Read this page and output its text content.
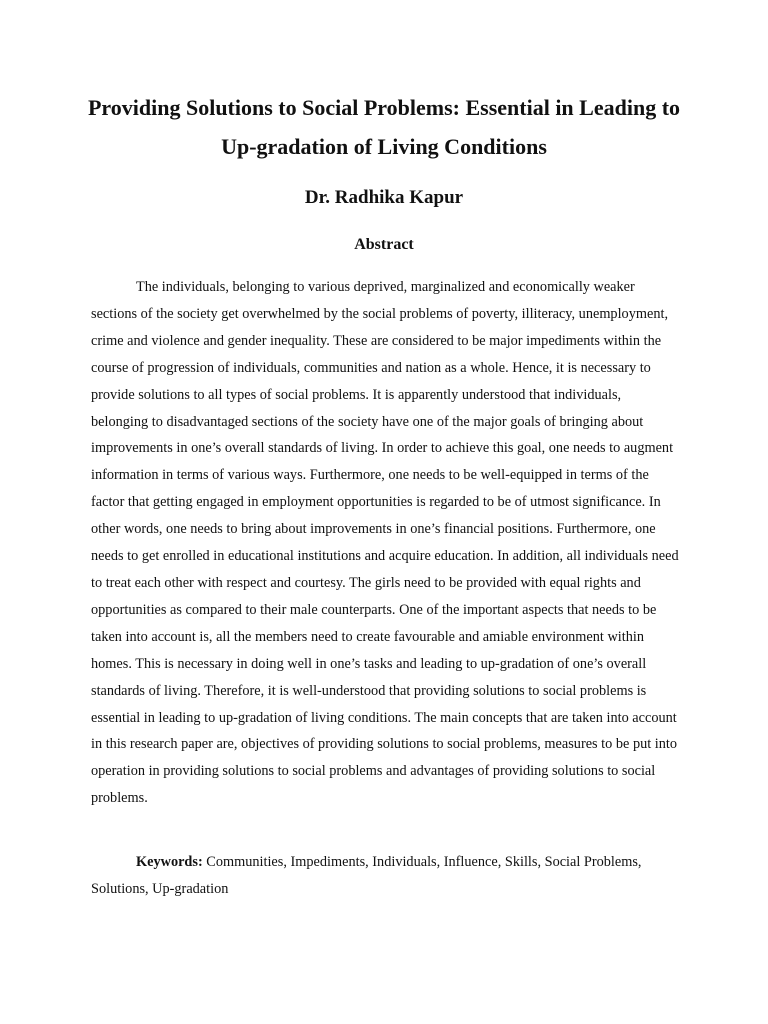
Providing Solutions to Social Problems: Essential in Leading to Up-gradation of Living Conditions
Dr. Radhika Kapur
Abstract

The individuals, belonging to various deprived, marginalized and economically weaker sections of the society get overwhelmed by the social problems of poverty, illiteracy, unemployment, crime and violence and gender inequality. These are considered to be major impediments within the course of progression of individuals, communities and nation as a whole. Hence, it is necessary to provide solutions to all types of social problems. It is apparently understood that individuals, belonging to disadvantaged sections of the society have one of the major goals of bringing about improvements in one’s overall standards of living. In order to achieve this goal, one needs to augment information in terms of various ways. Furthermore, one needs to be well-equipped in terms of the factor that getting engaged in employment opportunities is regarded to be of utmost significance. In other words, one needs to bring about improvements in one’s financial positions. Furthermore, one needs to get enrolled in educational institutions and acquire education. In addition, all individuals need to treat each other with respect and courtesy. The girls need to be provided with equal rights and opportunities as compared to their male counterparts. One of the important aspects that needs to be taken into account is, all the members need to create favourable and amiable environment within homes. This is necessary in doing well in one’s tasks and leading to up-gradation of one’s overall standards of living. Therefore, it is well-understood that providing solutions to social problems is essential in leading to up-gradation of living conditions. The main concepts that are taken into account in this research paper are, objectives of providing solutions to social problems, measures to be put into operation in providing solutions to social problems and advantages of providing solutions to social problems.

Keywords: Communities, Impediments, Individuals, Influence, Skills, Social Problems, Solutions, Up-gradation
